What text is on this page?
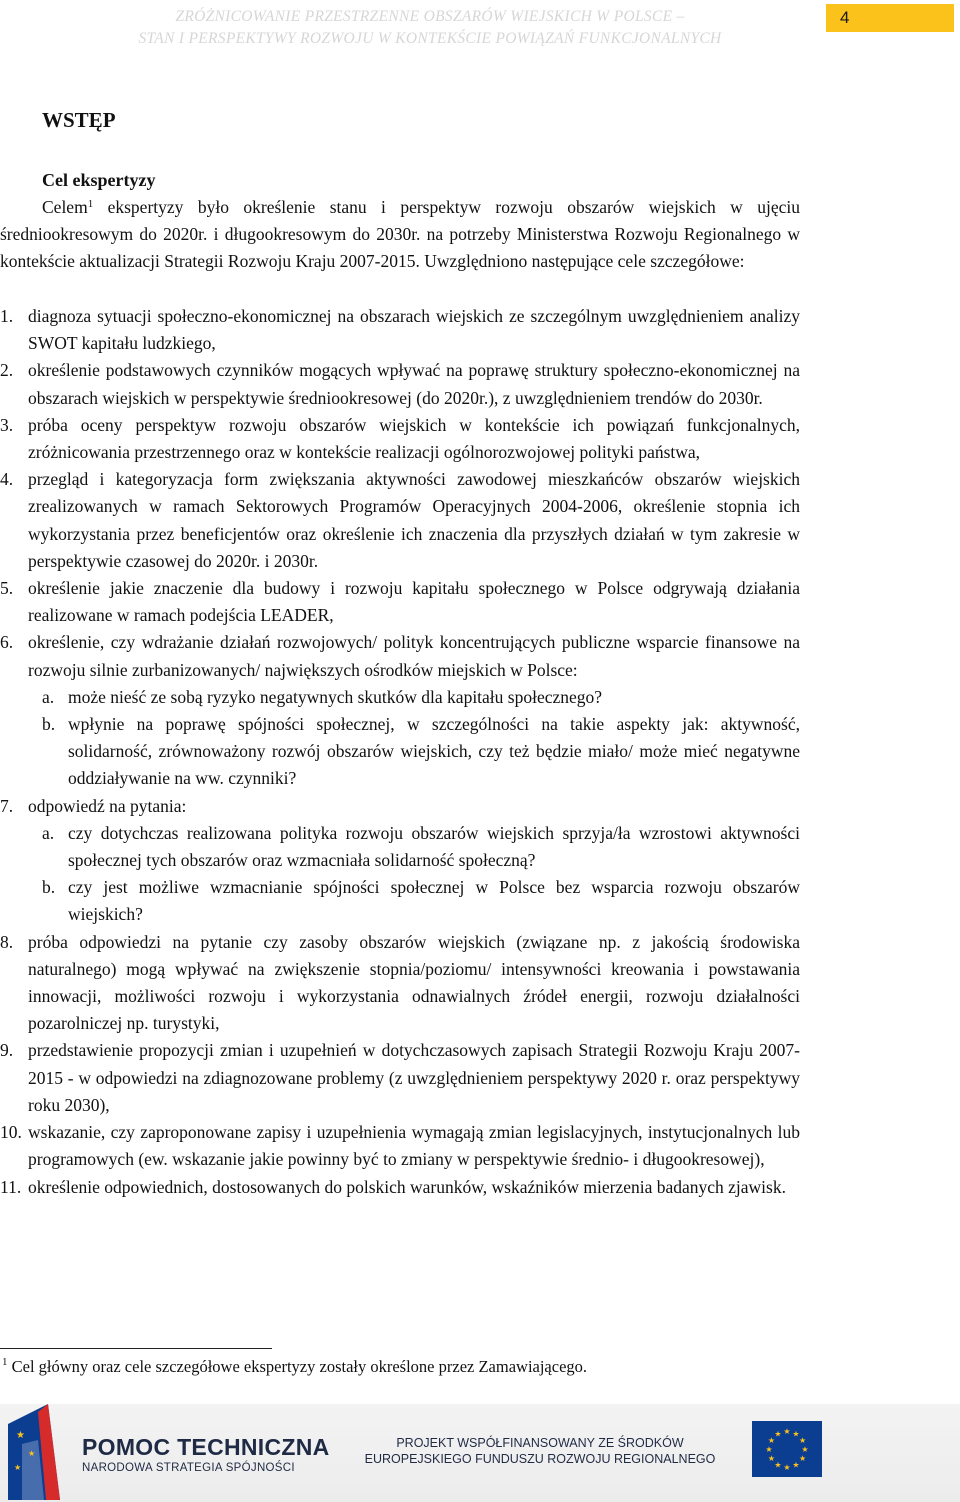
ZRÓŻNICOWANIE PRZESTRZENNE OBSZARÓW WIEJSKICH W POLSCE –
STAN I PERSPEKTYWY ROZWOJU W KONTEKŚCIE POWIĄZAŃ FUNKCJONALNYCH
4
WSTĘP
Cel ekspertyzy

Celem$^1$ ekspertyzy było określenie stanu i perspektyw rozwoju obszarów wiejskich w ujęciu średniookresowym do 2020r. i długookresowym do 2030r. na potrzeby Ministerstwa Rozwoju Regionalnego w kontekście aktualizacji Strategii Rozwoju Kraju 2007-2015. Uwzględniono następujące cele szczegółowe:

1. diagnoza sytuacji społeczno-ekonomicznej na obszarach wiejskich ze szczególnym uwzględnieniem analizy SWOT kapitału ludzkiego,
2. określenie podstawowych czynników mogących wpływać na poprawę struktury społeczno-ekonomicznej na obszarach wiejskich w perspektywie średniookresowej (do 2020r.), z uwzględnieniem trendów do 2030r.
3. próba oceny perspektyw rozwoju obszarów wiejskich w kontekście ich powiązań funkcjonalnych, zróżnicowania przestrzennego oraz w kontekście realizacji ogólnorozwojowej polityki państwa,
4. przegląd i kategoryzacja form zwiększania aktywności zawodowej mieszkańców obszarów wiejskich zrealizowanych w ramach Sektorowych Programów Operacyjnych 2004-2006, określenie stopnia ich wykorzystania przez beneficjentów oraz określenie ich znaczenia dla przyszłych działań w tym zakresie w perspektywie czasowej do 2020r. i 2030r.
5. określenie jakie znaczenie dla budowy i rozwoju kapitału społecznego w Polsce odgrywają działania realizowane w ramach podejścia LEADER,
6. określenie, czy wdrażanie działań rozwojowych/ polityk koncentrujących publiczne wsparcie finansowe na rozwoju silnie zurbanizowanych/ największych ośrodków miejskich w Polsce:
a. może nieść ze sobą ryzyko negatywnych skutków dla kapitału społecznego?
b. wpłynie na poprawę spójności społecznej, w szczególności na takie aspekty jak: aktywność, solidarność, zrównoważony rozwój obszarów wiejskich, czy też będzie miało/ może mieć negatywne oddziaływanie na ww. czynniki?
7. odpowiedź na pytania:
a. czy dotychczas realizowana polityka rozwoju obszarów wiejskich sprzyja/ła wzrostowi aktywności społecznej tych obszarów oraz wzmacniała solidarność społeczną?
b. czy jest możliwe wzmacnianie spójności społecznej w Polsce bez wsparcia rozwoju obszarów wiejskich?
8. próba odpowiedzi na pytanie czy zasoby obszarów wiejskich (związane np. z jakością środowiska naturalnego) mogą wpływać na zwiększenie stopnia/poziomu/ intensywności kreowania i powstawania innowacji, możliwości rozwoju i wykorzystania odnawialnych źródeł energii, rozwoju działalności pozarolniczej np. turystyki,
9. przedstawienie propozycji zmian i uzupełnień w dotychczasowych zapisach Strategii Rozwoju Kraju 2007-2015 - w odpowiedzi na zdiagnozowane problemy (z uwzględnieniem perspektywy 2020 r. oraz perspektywy roku 2030),
10. wskazanie, czy zaproponowane zapisy i uzupełnienia wymagają zmian legislacyjnych, instytucjonalnych lub programowych (ew. wskazanie jakie powinny być to zmiany w perspektywie średnio- i długookresowej),
11. określenie odpowiednich, dostosowanych do polskich warunków, wskaźników mierzenia badanych zjawisk.
$^1$ Cel główny oraz cele szczegółowe ekspertyzy zostały określone przez Zamawiającego.
★
★
★
POMOC TECHNICZNA
NARODOWA STRATEGIA SPÓJNOŚCI
PROJEKT WSPÓŁFINANSOWANY ZE ŚRODKÓW
EUROPEJSKIEGO FUNDUSZU ROZWOJU REGIONALNEGO
★ ★
★
★
★
★
★
★
★
★
★
★
